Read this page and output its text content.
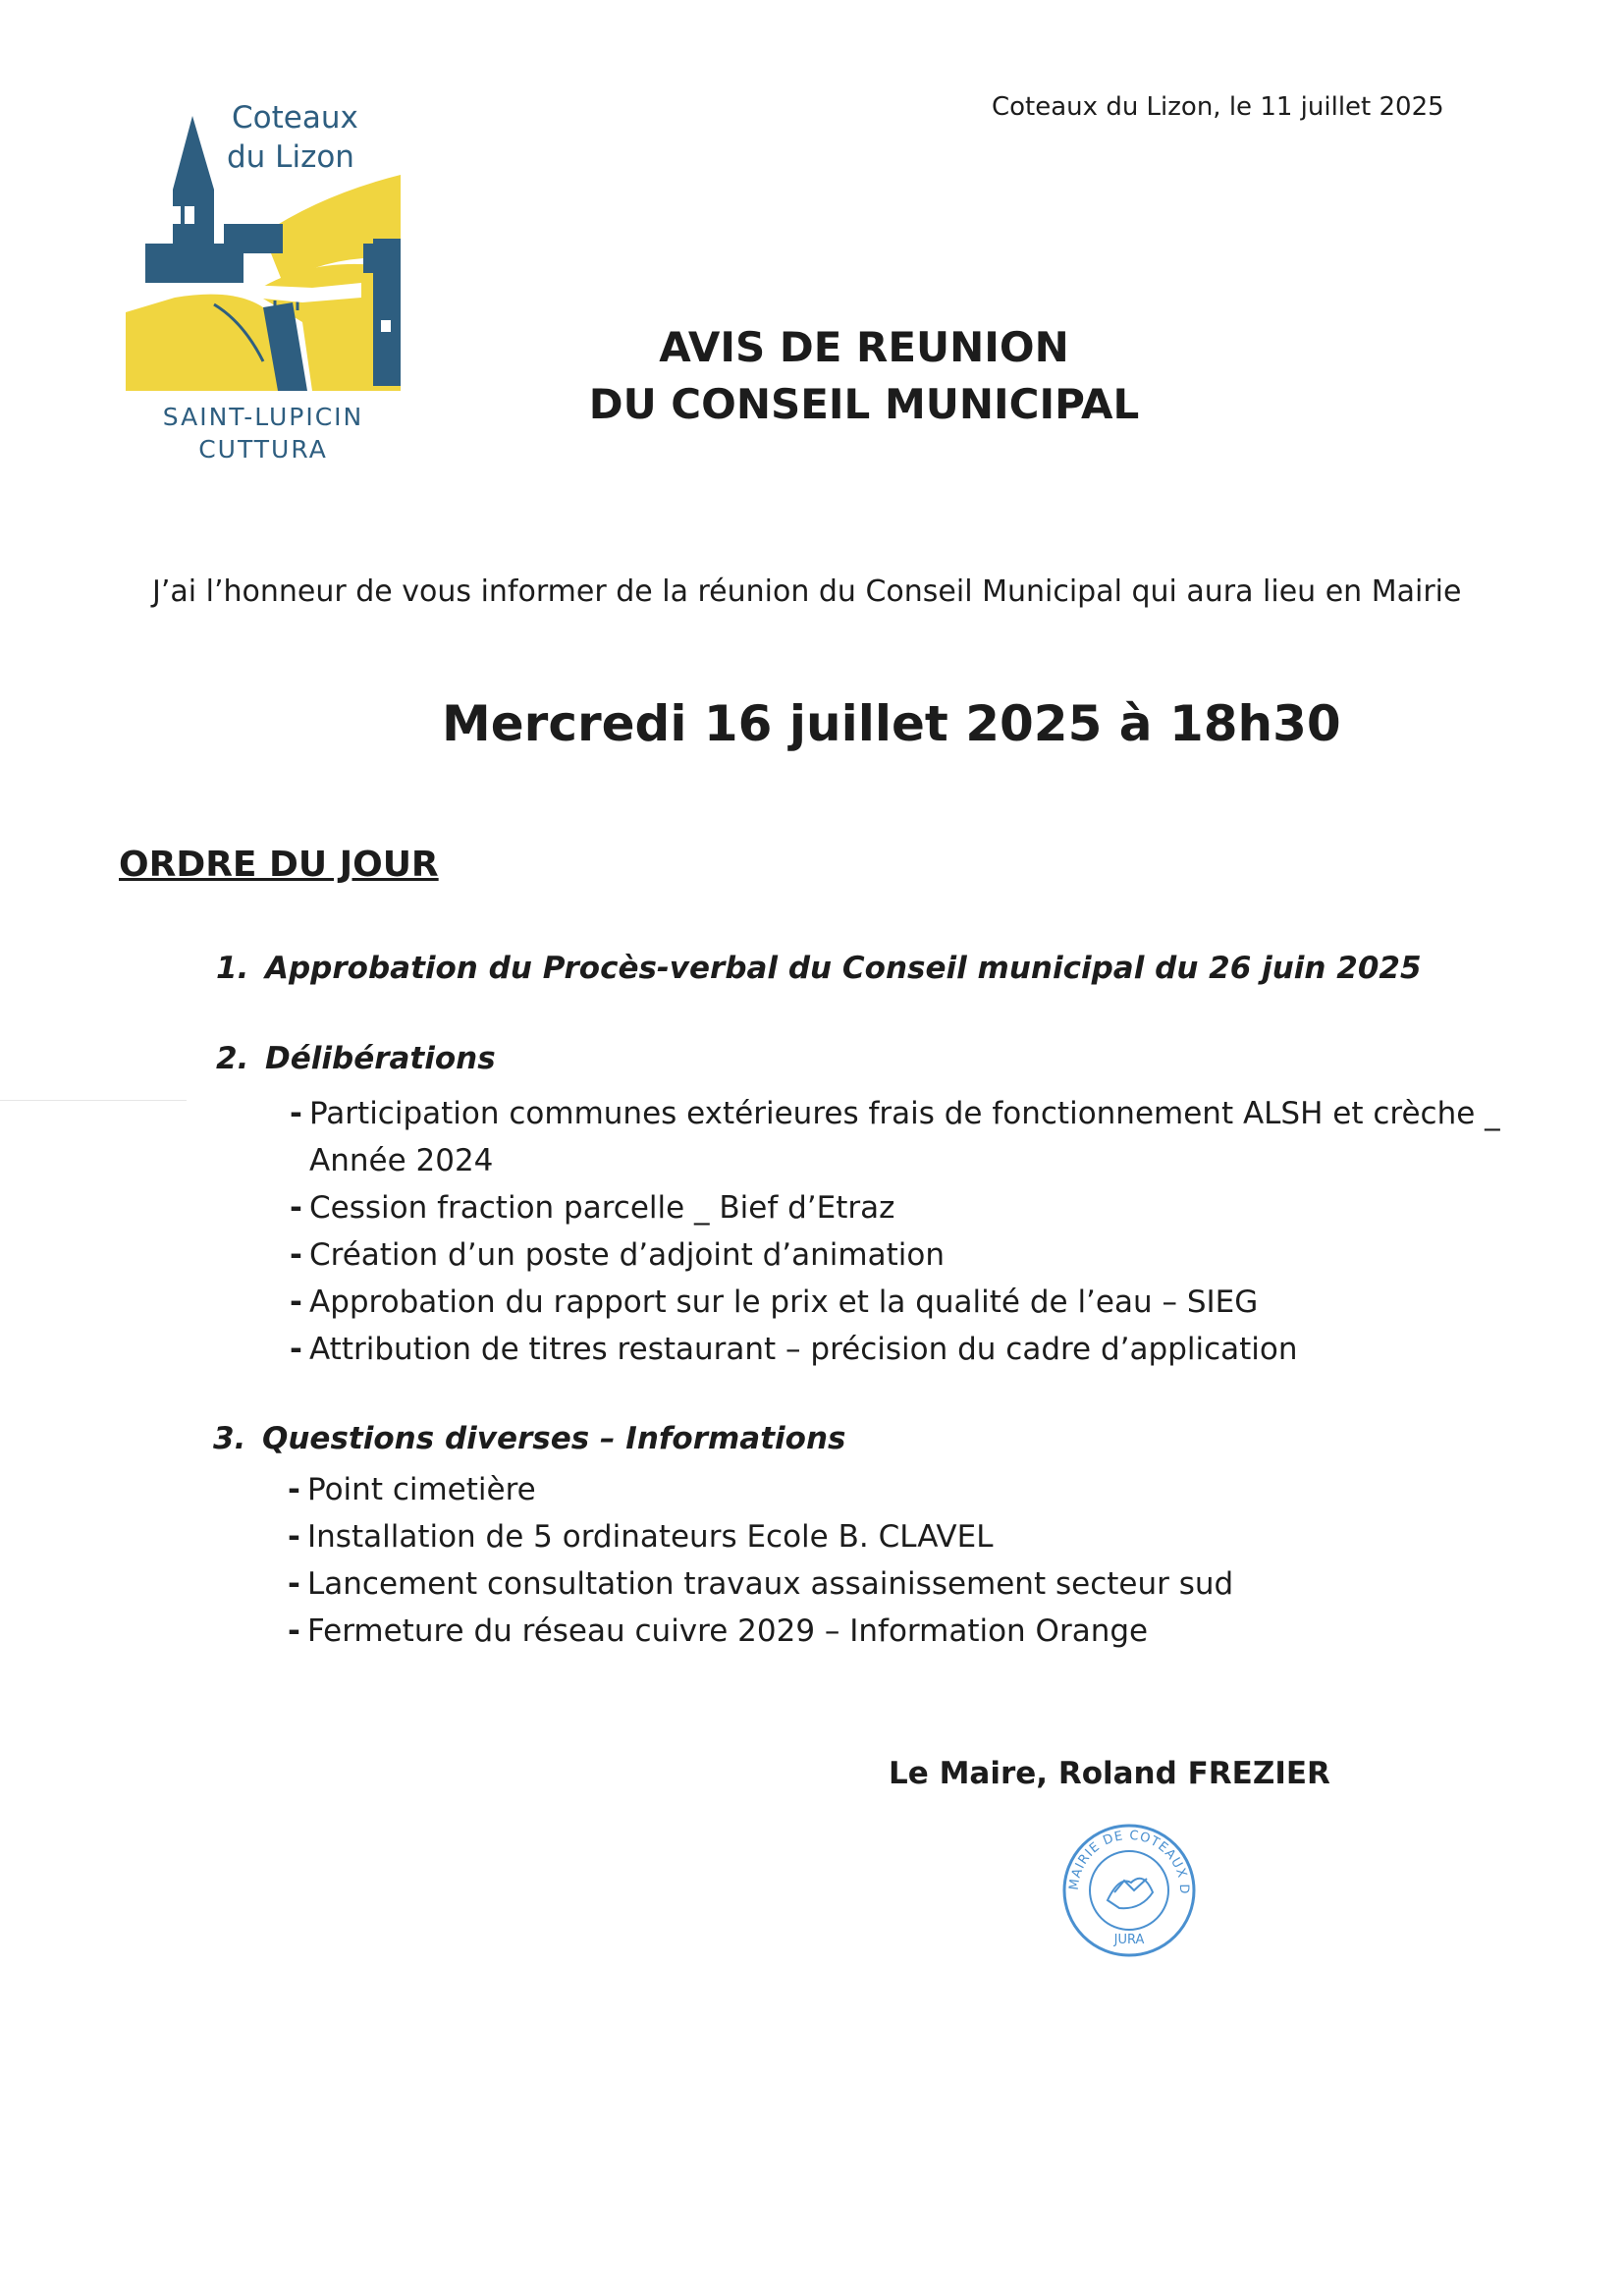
Coteaux
du Lizon
SAINT-LUPICIN
CUTTURA
Coteaux du Lizon, le 11 juillet 2025
AVIS DE REUNION
DU CONSEIL MUNICIPAL
J’ai l’honneur de vous informer de la réunion du Conseil Municipal qui aura lieu en Mairie
Mercredi 16 juillet 2025 à 18h30
ORDRE DU JOUR
1. Approbation du Procès-verbal du Conseil municipal du 26 juin 2025
2. Délibérations
- Participation communes extérieures frais de fonctionnement ALSH et crèche _
Année 2024
- Cession fraction parcelle _ Bief d’Etraz
- Création d’un poste d’adjoint d’animation
- Approbation du rapport sur le prix et la qualité de l’eau – SIEG
- Attribution de titres restaurant – précision du cadre d’application
3. Questions diverses – Informations
- Point cimetière
- Installation de 5 ordinateurs Ecole B. CLAVEL
- Lancement consultation travaux assainissement secteur sud
- Fermeture du réseau cuivre 2029 – Information Orange
Le Maire, Roland FREZIER
MAIRIE DE COTEAUX D
JURA
